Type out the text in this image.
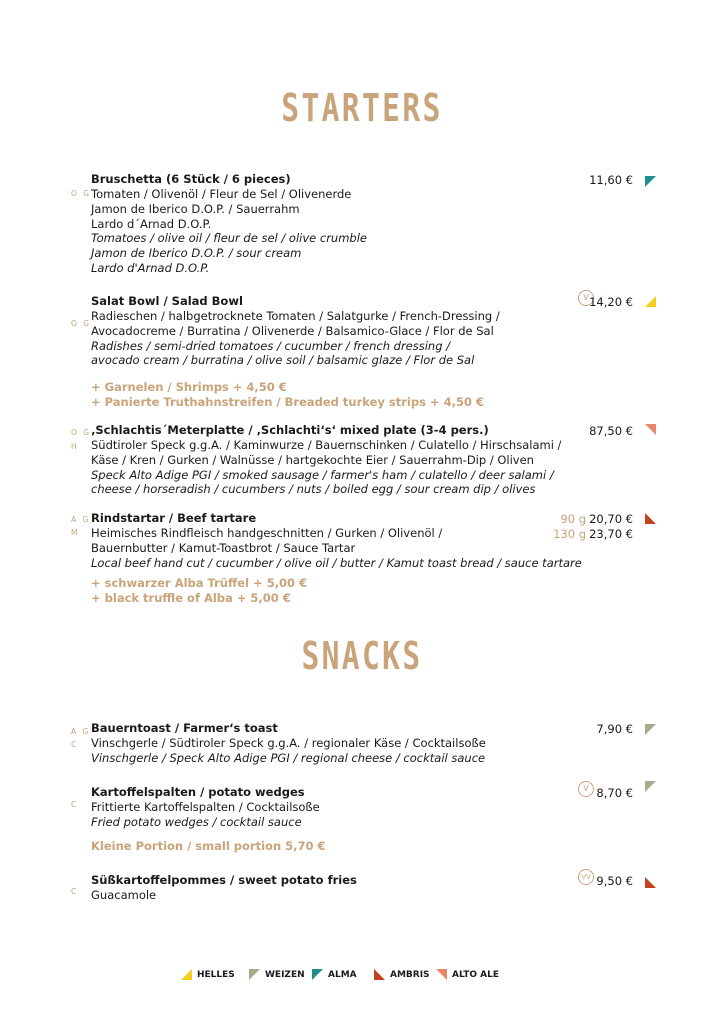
STARTERS
O G
Bruschetta (6 Stück / 6 pieces)
Tomaten / Olivenöl / Fleur de Sel / Olivenerde
Jamon de Iberico D.O.P. / Sauerrahm
Lardo d´Arnad D.O.P.
Tomatoes / olive oil / fleur de sel / olive crumble
Jamon de Iberico D.O.P. / sour cream
Lardo d'Arnad D.O.P.
11,60 €
O G
Salat Bowl / Salad Bowl
Radieschen / halbgetrocknete Tomaten / Salatgurke / French-Dressing /
Avocadocreme / Burratina / Olivenerde / Balsamico-Glace / Flor de Sal
Radishes / semi-dried tomatoes / cucumber / french dressing /
avocado cream / burratina / olive soil / balsamic glaze / Flor de Sal
+ Garnelen / Shrimps + 4,50 €
+ Panierte Truthahnstreifen / Breaded turkey strips + 4,50 €
V 14,20 €
O G
H
‚Schlachtis´Meterplatte / ‚Schlachti‘s‘ mixed plate (3-4 pers.)
Südtiroler Speck g.g.A. / Kaminwurze / Bauernschinken / Culatello / Hirschsalami /
Käse / Kren / Gurken / Walnüsse / hartgekochte Eier / Sauerrahm-Dip / Oliven
Speck Alto Adige PGI / smoked sausage / farmer's ham / culatello / deer salami /
cheese / horseradish / cucumbers / nuts / boiled egg / sour cream dip / olives
87,50 €
A G
M
Rindstartar / Beef tartare
Heimisches Rindfleisch handgeschnitten / Gurken / Olivenöl /
Bauernbutter / Kamut-Toastbrot / Sauce Tartar
Local beef hand cut / cucumber / olive oil / butter / Kamut toast bread / sauce tartare
+ schwarzer Alba Trüffel + 5,00 €
+ black truffle of Alba + 5,00 €
90 g
130 g
20,70 €
23,70 €
SNACKS
A G
C
Bauerntoast / Farmer‘s toast
Vinschgerle / Südtiroler Speck g.g.A. / regionaler Käse / Cocktailsoße
Vinschgerle / Speck Alto Adige PGI / regional cheese / cocktail sauce
7,90 €
C
Kartoffelspalten / potato wedges
Frittierte Kartoffelspalten / Cocktailsoße
Fried potato wedges / cocktail sauce
Kleine Portion / small portion 5,70 €
V 8,70 €
C
Süßkartoffelpommes / sweet potato fries
Guacamole
VV 9,50 €
HELLES	WEIZEN	ALMA	AMBRIS ALTO ALE
